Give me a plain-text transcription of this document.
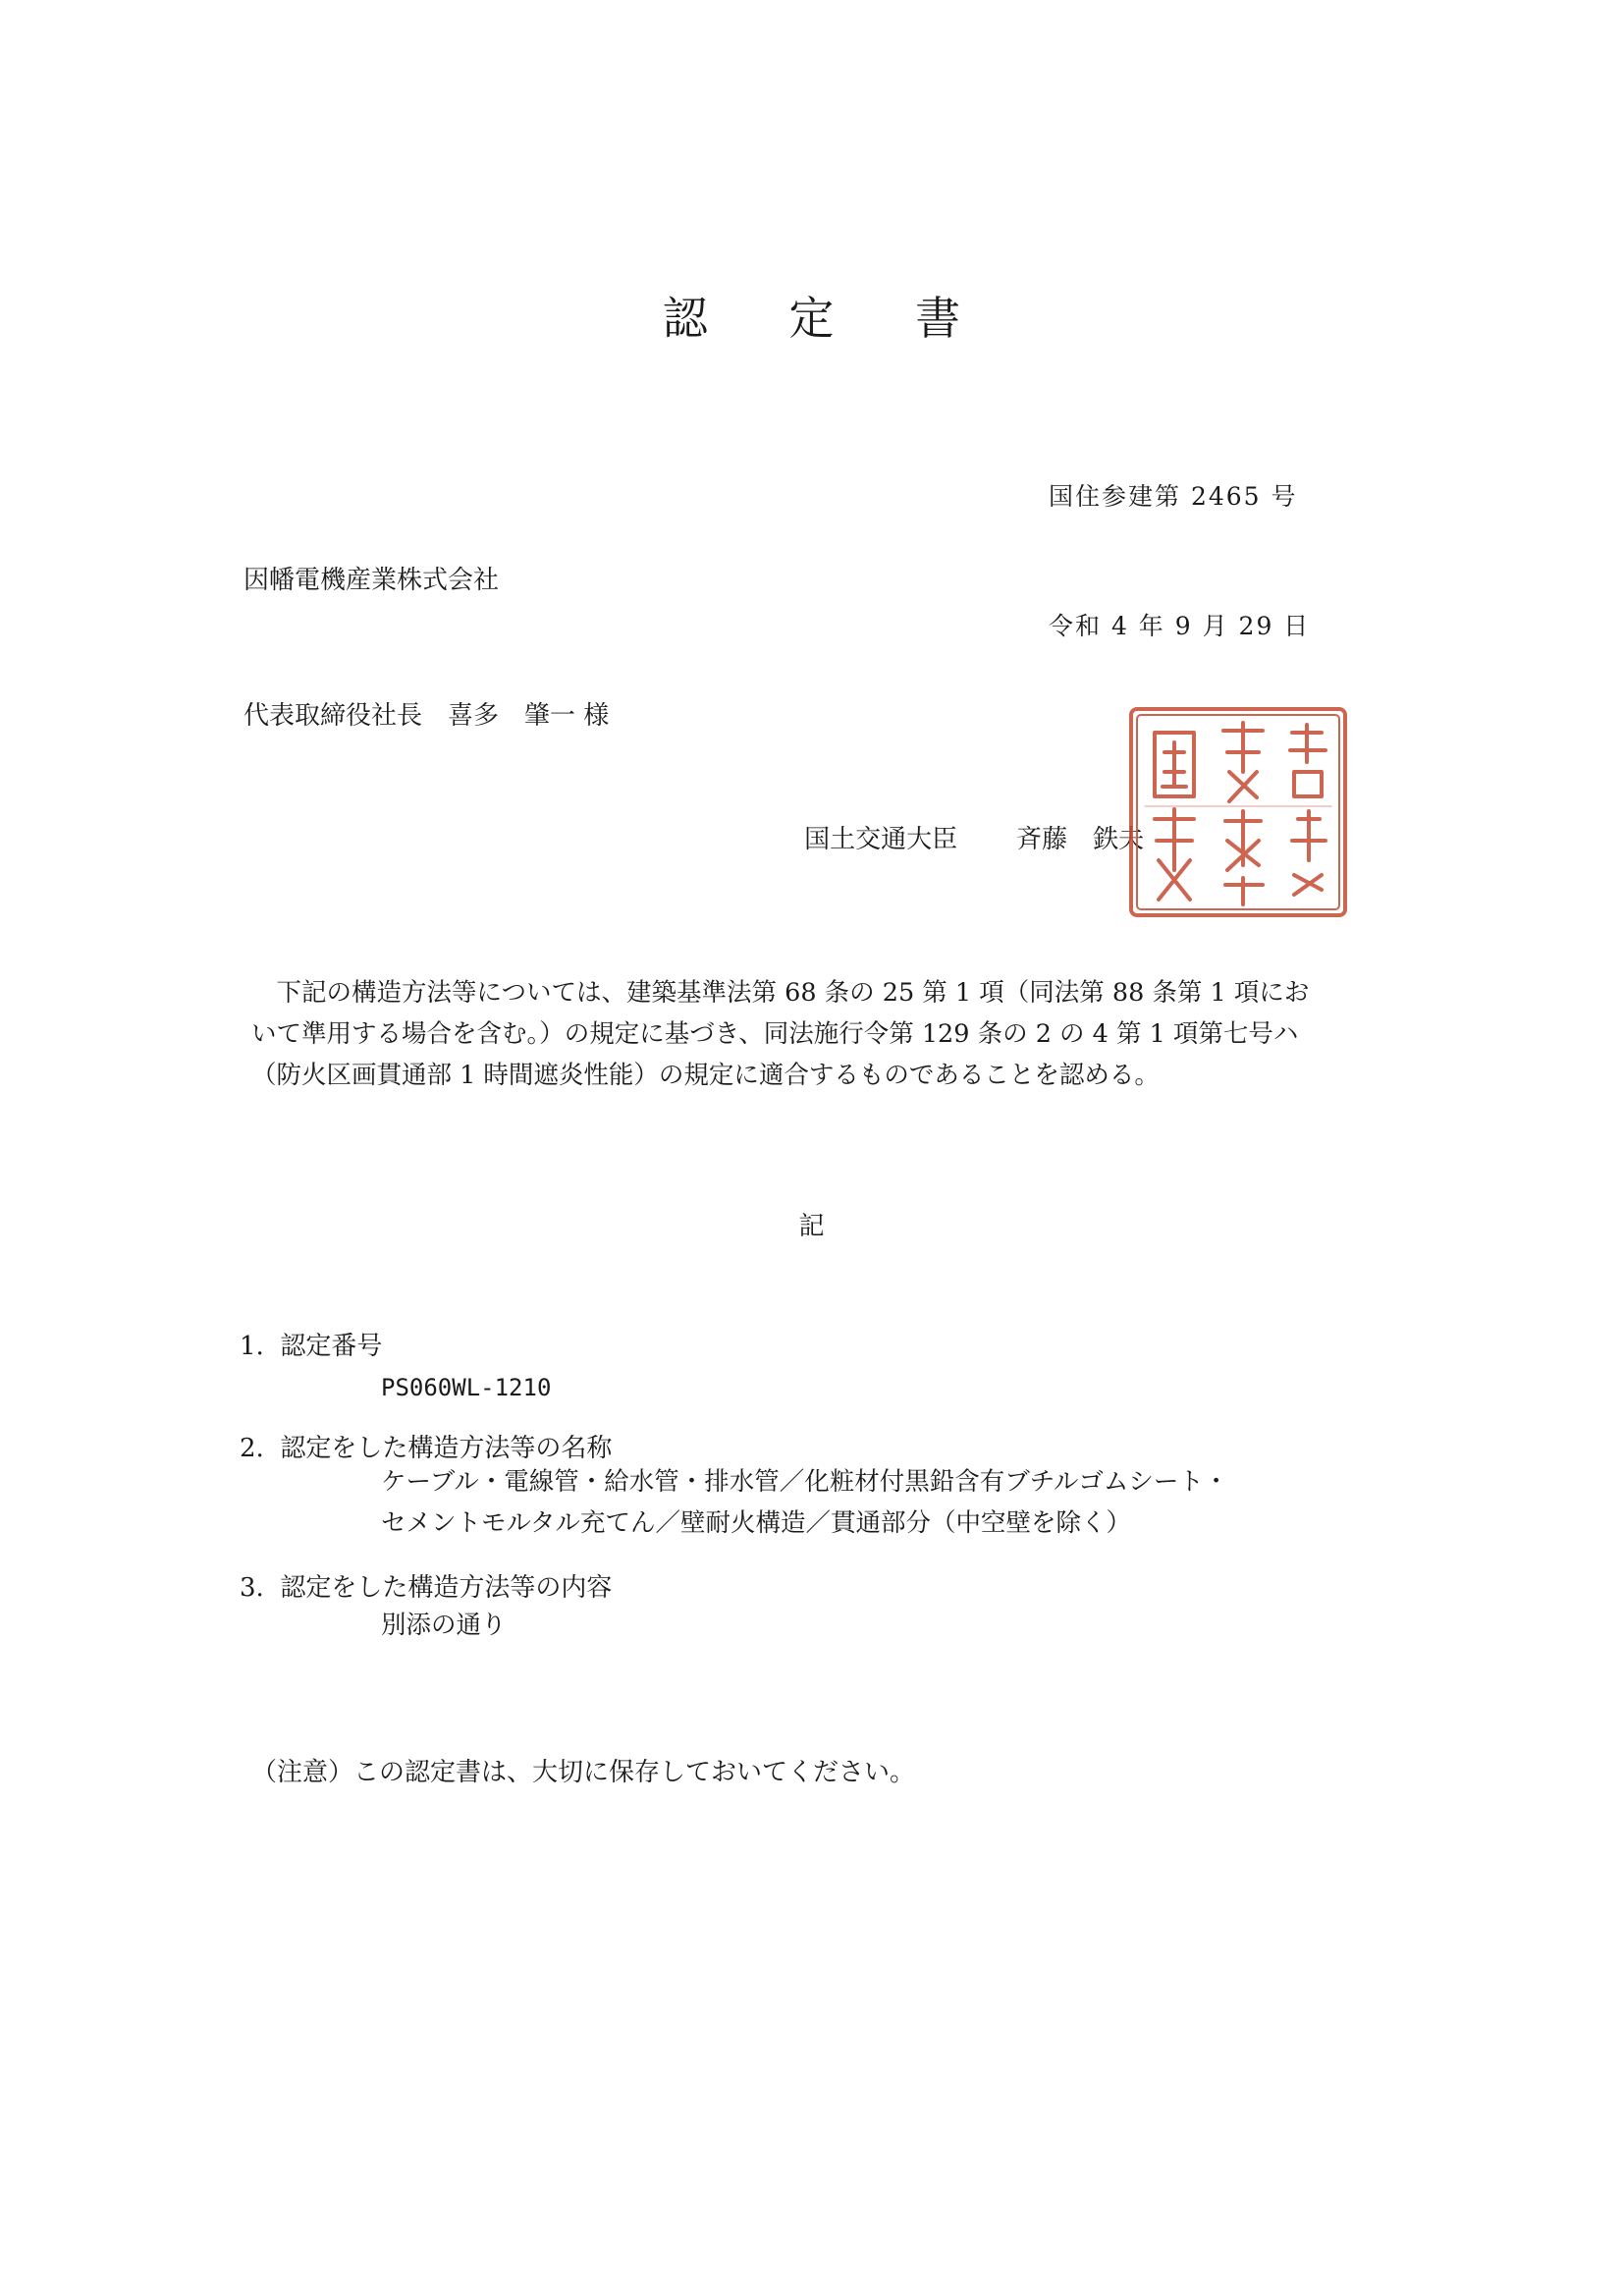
認 定 書

国住参建第 2465 号

令和 4 年 9 月 29 日

因幡電機産業株式会社

代表取締役社長　喜多　肇一 様

国土交通大臣 斉藤　鉄夫

　下記の構造方法等については、建築基準法第 68 条の 25 第 1 項（同法第 88 条第 1 項にお
いて準用する場合を含む。）の規定に基づき、同法施行令第 129 条の 2 の 4 第 1 項第七号ハ
（防火区画貫通部 1 時間遮炎性能）の規定に適合するものであることを認める。
記
1.  認定番号
PS060WL-1210
2.  認定をした構造方法等の名称
ケーブル・電線管・給水管・排水管／化粧材付黒鉛含有ブチルゴムシート・
セメントモルタル充てん／壁耐火構造／貫通部分（中空壁を除く）
3.  認定をした構造方法等の内容
別添の通り
（注意）この認定書は、大切に保存しておいてください。
